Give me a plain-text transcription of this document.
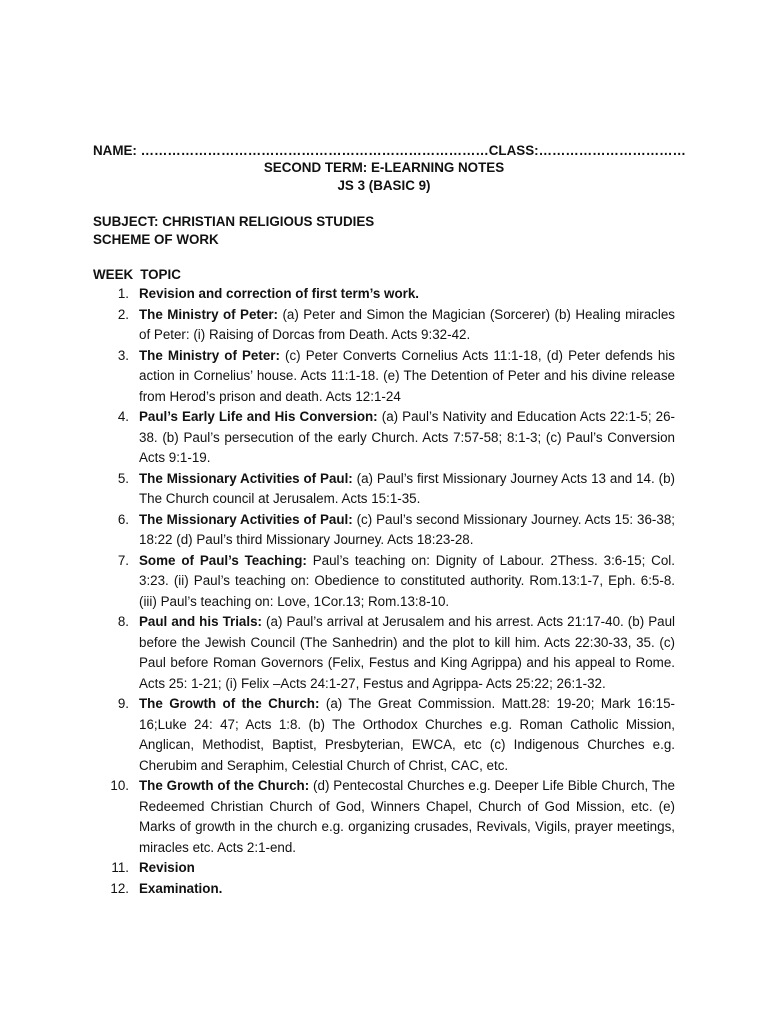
NAME: ……………………………………………………………………CLASS:……………………………
SECOND TERM: E-LEARNING NOTES
JS 3 (BASIC 9)
SUBJECT: CHRISTIAN RELIGIOUS STUDIES
SCHEME OF WORK
WEEK TOPIC
1. Revision and correction of first term’s work.
2. The Ministry of Peter: (a) Peter and Simon the Magician (Sorcerer) (b) Healing miracles of Peter: (i) Raising of Dorcas from Death. Acts 9:32-42.
3. The Ministry of Peter: (c) Peter Converts Cornelius Acts 11:1-18, (d) Peter defends his action in Cornelius’ house. Acts 11:1-18. (e) The Detention of Peter and his divine release from Herod’s prison and death. Acts 12:1-24
4. Paul’s Early Life and His Conversion: (a) Paul’s Nativity and Education Acts 22:1-5; 26-38. (b) Paul’s persecution of the early Church. Acts 7:57-58; 8:1-3; (c) Paul’s Conversion Acts 9:1-19.
5. The Missionary Activities of Paul: (a) Paul’s first Missionary Journey Acts 13 and 14. (b) The Church council at Jerusalem. Acts 15:1-35.
6. The Missionary Activities of Paul: (c) Paul’s second Missionary Journey. Acts 15: 36-38; 18:22 (d) Paul’s third Missionary Journey. Acts 18:23-28.
7. Some of Paul’s Teaching: Paul’s teaching on: Dignity of Labour. 2Thess. 3:6-15; Col. 3:23. (ii) Paul’s teaching on: Obedience to constituted authority. Rom.13:1-7, Eph. 6:5-8. (iii) Paul’s teaching on: Love, 1Cor.13; Rom.13:8-10.
8. Paul and his Trials: (a) Paul’s arrival at Jerusalem and his arrest. Acts 21:17-40. (b) Paul before the Jewish Council (The Sanhedrin) and the plot to kill him. Acts 22:30-33, 35. (c) Paul before Roman Governors (Felix, Festus and King Agrippa) and his appeal to Rome. Acts 25: 1-21; (i) Felix –Acts 24:1-27, Festus and Agrippa- Acts 25:22; 26:1-32.
9. The Growth of the Church: (a) The Great Commission. Matt.28: 19-20; Mark 16:15-16;Luke 24: 47; Acts 1:8. (b) The Orthodox Churches e.g. Roman Catholic Mission, Anglican, Methodist, Baptist, Presbyterian, EWCA, etc (c) Indigenous Churches e.g. Cherubim and Seraphim, Celestial Church of Christ, CAC, etc.
10. The Growth of the Church: (d) Pentecostal Churches e.g. Deeper Life Bible Church, The Redeemed Christian Church of God, Winners Chapel, Church of God Mission, etc. (e) Marks of growth in the church e.g. organizing crusades, Revivals, Vigils, prayer meetings, miracles etc. Acts 2:1-end.
11. Revision
12. Examination.
